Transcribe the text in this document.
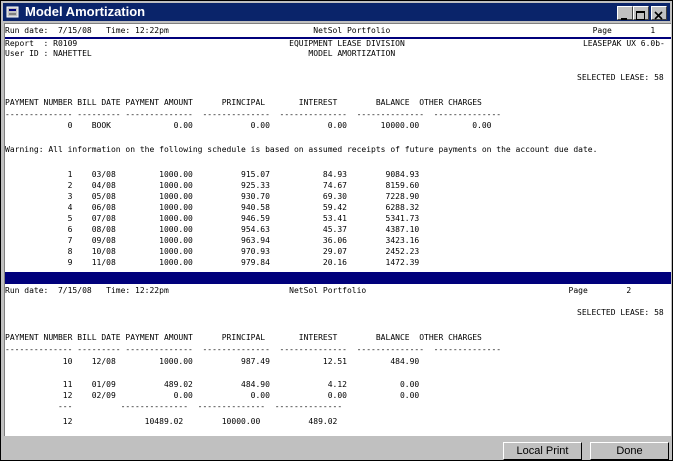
Model Amortization
Run date:  7/15/08   Time: 12:22pm                              NetSol Portfolio                                          Page        1
Report  : R0109                                            EQUIPMENT LEASE DIVISION                                     LEASEPAK UX 6.0b-
User ID : NAHETTEL                                             MODEL AMORTIZATION
SELECTED LEASE: 58
PAYMENT NUMBER BILL DATE PAYMENT AMOUNT      PRINCIPAL       INTEREST        BALANCE  OTHER CHARGES
-------------- --------- --------------  --------------  --------------  --------------  --------------
0    BOOK             0.00            0.00            0.00       10000.00           0.00
Warning: All information on the following schedule is based on assumed receipts of future payments on the account due date.
1    03/08         1000.00          915.07           84.93        9084.93
2    04/08         1000.00          925.33           74.67        8159.60
3    05/08         1000.00          930.70           69.30        7228.90
4    06/08         1000.00          940.58           59.42        6288.32
5    07/08         1000.00          946.59           53.41        5341.73
6    08/08         1000.00          954.63           45.37        4387.10
7    09/08         1000.00          963.94           36.06        3423.16
8    10/08         1000.00          970.93           29.07        2452.23
9    11/08         1000.00          979.84           20.16        1472.39
Run date:  7/15/08   Time: 12:22pm                         NetSol Portfolio                                          Page        2
SELECTED LEASE: 58
PAYMENT NUMBER BILL DATE PAYMENT AMOUNT      PRINCIPAL       INTEREST        BALANCE  OTHER CHARGES
-------------- --------- --------------  --------------  --------------  --------------  --------------
10    12/08         1000.00          987.49           12.51         484.90
11    01/09          489.02          484.90            4.12           0.00
12    02/09            0.00            0.00            0.00           0.00
---          --------------  --------------  --------------
12               10489.02        10000.00          489.02
Local Print	Done
